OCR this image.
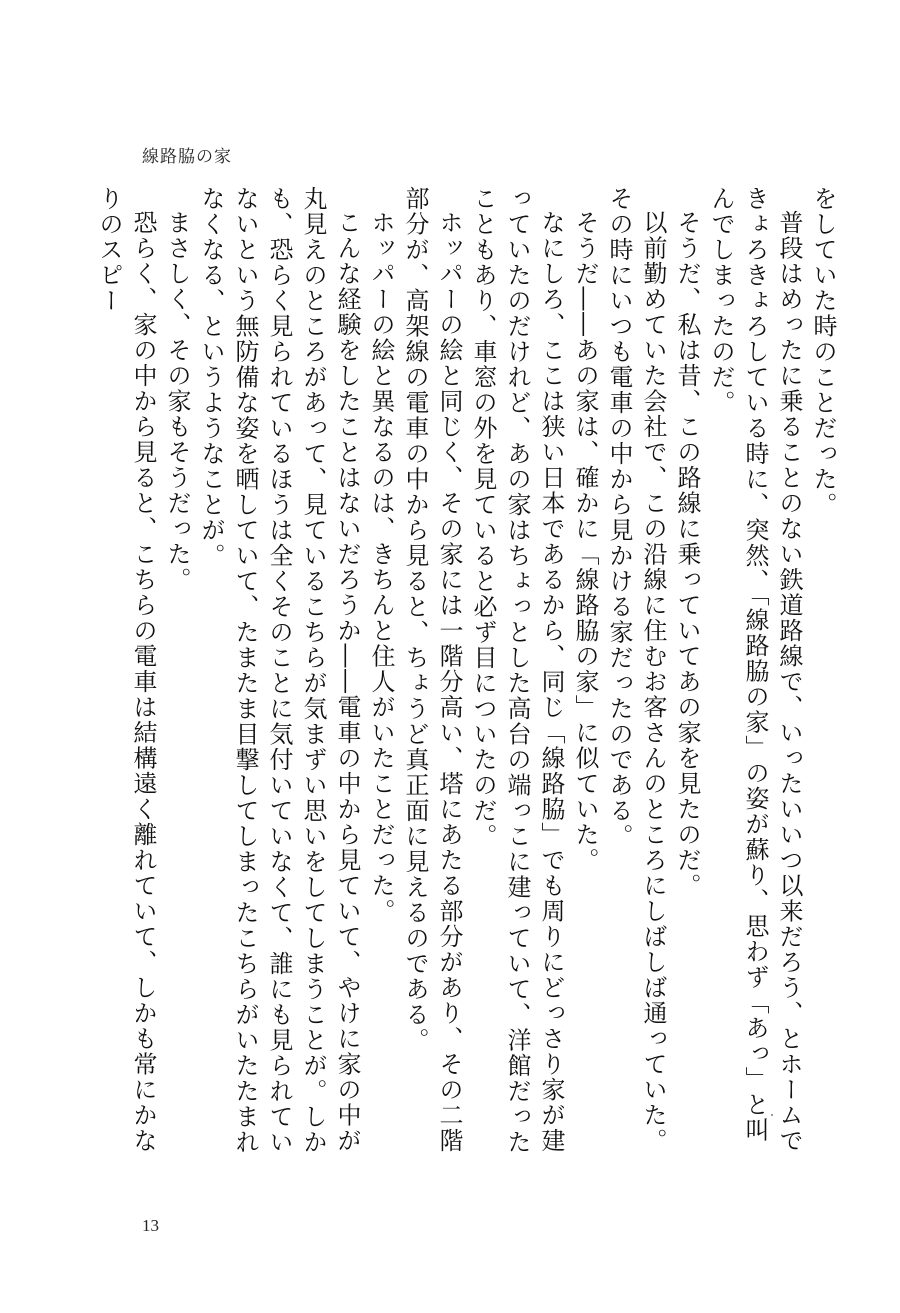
線路脇の家

をしていた時のことだった。

普段はめったに乗ることのない鉄道路線で、いったいいつ以来だろう、とホームできょろきょろしている時に、突然、「線路脇の家」の姿が蘇り、思わず「あっ」と叫んでしまったのだ。

そうだ、私は昔、この路線に乗っていてあの家を見たのだ。

以前勤めていた会社で、この沿線に住むお客さんのところにしばしば通っていた。その時にいつも電車の中から見かける家だったのである。

そうだ――あの家は、確かに「線路脇の家」に似ていた。

なにしろ、ここは狭い日本であるから、同じ「線路脇」でも周りにどっさり家が建っていたのだけれど、あの家はちょっとした高台の端っこに建っていて、洋館だったこともあり、車窓の外を見ていると必ず目についたのだ。

ホッパーの絵と同じく、その家には一階分高い、塔にあたる部分があり、その二階部分が、高架線の電車の中から見ると、ちょうど真正面に見えるのである。

ホッパーの絵と異なるのは、きちんと住人がいたことだった。

こんな経験をしたことはないだろうか――電車の中から見ていて、やけに家の中が丸見えのところがあって、見ているこちらが気まずい思いをしてしまうことが。しかも、恐らく見られているほうは全くそのことに気付いていなくて、誰にも見られていないという無防備な姿を晒していて、たまたま目撃してしまったこちらがいたたまれなくなる、というようなことが。

まさしく、その家もそうだった。

恐らく、家の中から見ると、こちらの電車は結構遠く離れていて、しかも常にかなりのスピー

13
